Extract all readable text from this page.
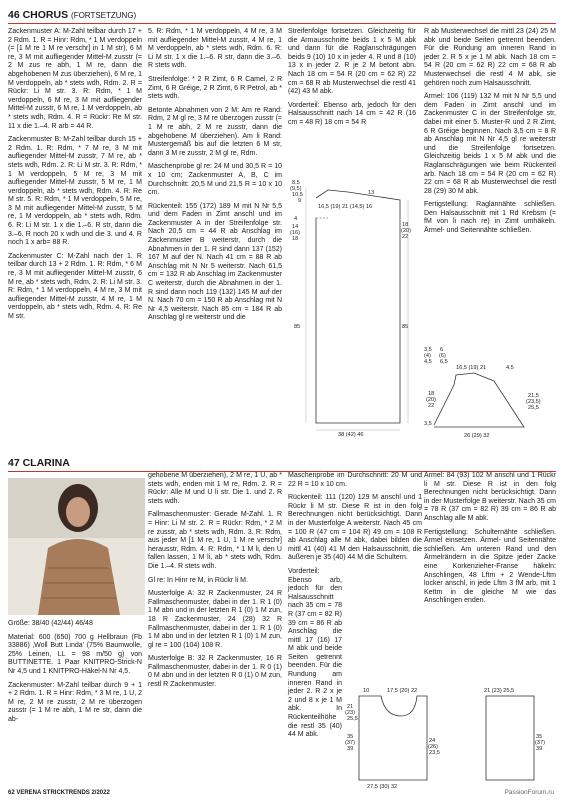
46 CHORUS (FORTSETZUNG)

Zackenmuster A: M-Zahl teilbar durch 17 + 2 Rdm. 1. R = Hinr: Rdm, * 1 M verdoppeln (= [1 M re 1 M re verschr] in 1 M str), 6 M re, 3 M mit aufliegender Mittel-M zusstr (= 2 M zus re abh, 1 M re, dann die abgehobenen M zus überziehen), 6 M re, 1 M verdoppeln, ab * stets wdh, Rdm. 2. R = Rückr: Li M str. 3. R: Rdm, * 1 M verdoppeln, 6 M re, 3 M mit aufliegender Mittel-M zusstr, 6 M re, 1 M verdoppeln, ab * stets wdh, Rdm. 4. R = Rückr: Re M str. 11 x die 1.–4. R arb = 44 R.

Zackenmuster B: M-Zahl teilbar durch 15 + 2 Rdm. 1. R: Rdm, * 7 M re, 3 M mit aufliegender Mittel-M zusstr, 7 M re, ab * stets wdh, Rdm. 2. R: Li M str. 3. R: Rdm, * 1 M verdoppeln, 5 M re, 3 M mit aufliegender Mittel-M zusstr, 5 M re, 1 M verdoppeln, ab * stets wdh, Rdm. 4. R: Re M str. 5. R: Rdm, * 1 M verdoppeln, 5 M re, 3 M mit aufliegender Mittel-M zusstr, 5 M re, 1 M verdoppeln, ab * stets wdh, Rdm. 6. R: Li M str. 1 x die 1.–6. R str, dann die 3.–6. R noch 20 x wdh und die 3. und 4. R noch 1 x arb= 88 R.

Zackenmuster C: M-Zahl nach der 1. R teilbar durch 13 + 2 Rdm. 1. R: Rdm, * 6 M re, 3 M mit aufliegender Mittel-M zusstr, 6 M re, ab * stets wdh, Rdm. 2. R: Li M str. 3. R: Rdm, * 1 M verdoppeln, 4 M re, 3 M mit aufliegender Mittel-M zusstr, 4 M re, 1 M verdoppeln, ab * stets wdh, Rdm. 4. R: Re M str.

5. R: Rdm, * 1 M verdoppeln, 4 M re, 3 M mit aufliegender Mittel-M zusstr, 4 M re, 1 M verdoppeln, ab * stets wdh, Rdm. 6. R: Li M str. 1 x die 1.–6. R str, dann die 3.–6. R stets wdh.

Streifenfolge: * 2 R Zimt, 6 R Camel, 2 R Zimt, 6 R Gréige, 2 R Zimt, 6 R Petrol, ab * stets wdh.

Betonte Abnahmen von 2 M: Am re Rand: Rdm, 2 M gl re, 3 M re überzogen zusstr (= 1 M re abh, 2 M re zusstr, dann die abgehobene M überziehen). Am li Rand: Mustergemäß bis auf die letzten 6 M str, dann 3 M re zusstr, 2 M gl re, Rdm.

Maschenprobe gl re: 24 M und 30,5 R = 10 x 10 cm; Zackenmuster A, B, C im Durchschnitt: 20,5 M und 21,5 R = 10 x 10 cm.

Rückenteil: 155 (172) 189 M mit N Nr 5,5 und dem Faden in Zimt anschl und im Zackenmuster A in der Streifenfolge str. Nach 20,5 cm = 44 R ab Anschlag im Zackenmuster B weiterstr, durch die Abnahmen in der 1. R sind dann 137 (152) 167 M auf der N. Nach 41 cm = 88 R ab Anschlag mit N Nr 5 weiterstr. Nach 61,5 cm = 132 R ab Anschlag im Zackenmuster C weiterstr, durch die Abnahmen in der 1. R sind dann noch 119 (132) 145 M auf der N. Nach 70 cm = 150 R ab Anschlag mit N Nr 4,5 weiterstr. Nach 85 cm = 184 R ab Anschlag gl re weiterstr und die

Streifenfolge fortsetzen. Gleichzeitig für die Armausschnitte beids 1 x 5 M abk und dann für die Raglanschrägungen beids 9 (10) 10 x in jeder 4. R und 8 (10) 13 x in jeder 2. R je 2 M betont abn. Nach 18 cm = 54 R (20 cm = 62 R) 22 cm = 68 R ab Musterwechsel die restl 41 (42) 43 M abk.

Vorderteil: Ebenso arb, jedoch für den Halsausschnitt nach 14 cm = 42 R (16 cm = 48 R) 18 cm = 54 R

R ab Musterwechsel die mittl 23 (24) 25 M abk und beide Seiten getrennt beenden. Für die Rundung am inneren Rand in jeder 2. R 5 x je 1 M abk. Nach 18 cm = 54 R (20 cm = 62 R) 22 cm = 68 R ab Musterwechsel die restl 4 M abk, sie gehören noch zum Halsausschnitt.

Ärmel: 106 (119) 132 M mit N Nr 5,5 und dem Faden in Zimt anschl und im Zackenmuster C in der Streifenfolge str, dabei mit einer 5. Muster-R und 2 R Zimt, 6 R Gréige beginnen. Nach 3,5 cm = 8 R ab Anschlag mit N Nr 4,5 gl re weiterstr und die Streifenfolge fortsetzen. Gleichzeitig beids 1 x 5 M abk und die Raglanschrägungen wie beim Rückenteil arb. Nach 18 cm = 54 R (20 cm = 62 R) 22 cm = 68 R ab Musterwechsel die restl 28 (29) 30 M abk.

Fertigstellung: Raglannähte schließen. Den Halsausschnitt mit 1 Rd Krebsm (= fM von li nach re) in Zimt umhäkeln. Ärmel- und Seitennähte schließen.

8,5
(9,5)
10,5
9
16,5 (19) 21 (14,5) 16
13
4
14
(16)
18
18
(20)
22
85	85
38 (42) 46
3,5
(4)
4,5
6
(6)
6,5
16,5 (19) 21	4,5
18
(20)
22
21,5
(23,5)
25,5
3,5
26 (29) 32
47 CLARINA

Größe: 38/40 (42/44) 46/48

Material: 600 (650) 700 g Hellbraun (Fb 33886) ‚Woll Butt Linda' (75% Baumwolle, 25% Leinen, LL = 98 m/50 g) von BUTTINETTE. 1 Paar KNITPRO-Strick-N Nr 4,5 und 1 KNITPRO-Häkel-N Nr 4,5.

Zackenmuster: M-Zahl teilbar durch 9 + 1 + 2 Rdm. 1. R = Hinr: Rdm, * 3 M re, 1 U, 2 M re, 2 M re zusstr, 2 M re überzogen zusstr (= 1 M re abh, 1 M re str, dann die ab-

gehobene M überziehen), 2 M re, 1 U, ab * stets wdh, enden mit 1 M re, Rdm. 2. R = Rückr: Alle M und U li str. Die 1. und 2. R stets wdh.

Fallmaschenmuster: Gerade M-Zahl. 1. R = Hinr: Li M str. 2. R = Rückr: Rdm, * 2 M re zusstr, ab * stets wdh, Rdm. 3. R: Rdm, aus jeder M [1 M re, 1 U, 1 M re verschr] herausstr, Rdm. 4. R: Rdm, * 1 M li, den U fallen lassen, 1 M li, ab * stets wdh, Rdm. Die 1.–4. R stets wdh.

Gl re: In Hinr re M, in Rückr li M.

Musterfolge A: 32 R Zackenmuster, 24 R Fallmaschenmuster, dabei in der 1. R 1 (0) 1 M abn und in der letzten R 1 (0) 1 M zun, 18 R Zackenmuster, 24 (28) 32 R Fallmaschenmuster, dabei in der 1. R 1 (0) 1 M abn und in der letzten R 1 (0) 1 M zun, gl re = 100 (104) 108 R.

Musterfolge B: 32 R Zackenmuster, 16 R Fallmaschenmuster, dabei in der 1. R 0 (1) 0 M abn und in der letzten R 0 (1) 0 M zun, restl R Zackenmuster.

Maschenprobe im Durchschnitt: 20 M und 22 R = 10 x 10 cm.

Rückenteil: 111 (120) 129 M anschl und 1 Rückr li M str. Diese R ist in den folg Berechnungen nicht berücksichtigt. Dann in der Musterfolge A weiterstr. Nach 45 cm = 100 R (47 cm = 104 R) 49 cm = 108 R ab Anschlag alle M abk, dabei bilden die mittl 41 (40) 41 M den Halsausschnitt, die äußeren je 35 (40) 44 M die Schultern.

Vorderteil: Ebenso arb, jedoch für den Halsausschnitt nach 35 cm = 78 R (37 cm = 82 R) 39 cm = 86 R ab Anschlag die mittl 17 (16) 17 M abk und beide Seiten getrennt beenden. Für die Rundung am inneren Rand in jeder 2. R 2 x je 2 und 8 x je 1 M abk. In Rückenteilhöhe die restl 35 (40) 44 M abk.

Ärmel: 84 (93) 102 M anschl und 1 Rückr li M str. Diese R ist in den folg Berechnungen nicht berücksichtigt. Dann in der Musterfolge B weiterstr. Nach 35 cm = 78 R (37 cm = 82 R) 39 cm = 86 R ab Anschlag alle M abk.

Fertigstellung: Schulternähte schließen. Ärmel einsetzen. Ärmel- und Seitennähte schließen. Am unteren Rand und den Ärmelrändern in die Spitze jeder Zacke eine Korkenzieher-Franse häkeln: Anschlingen, 48 Lftm + 2 Wende-Lftm locker anschl, in jede Lftm 3 fM arb, mit 1 Kettm in die gleiche M wie das Anschlingen enden.

10	17,5 (20) 22
21
(23)
25,5
35
(37)
39
24
(26)
23,5
27,5 (30) 32
21 (23) 25,5
35
(37)
39
62 VERENA STRICKTRENDS 2/2022	PassionForum.ru
